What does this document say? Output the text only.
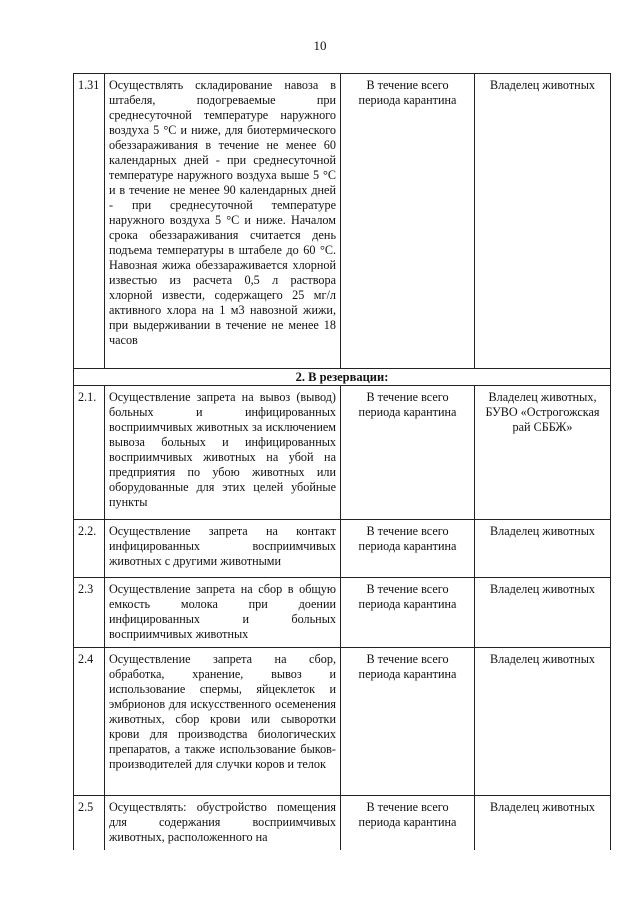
10
1.31	Осуществлять складирование навоза в штабеля, подогреваемые при среднесуточной температуре наружного воздуха 5 °С и ниже, для биотермического обеззараживания в течение не менее 60 календарных дней - при среднесуточной температуре наружного воздуха выше 5 °С и в течение не менее 90 календарных дней - при среднесуточной температуре наружного воздуха 5 °С и ниже. Началом срока обеззараживания считается день подъема температуры в штабеле до 60 °С. Навозная жижа обеззараживается хлорной известью из расчета 0,5 л раствора хлорной извести, содержащего 25 мг/л активного хлора на 1 м3 навозной жижи, при выдерживании в течение не менее 18 часов	В течение всего периода карантина	Владелец животных
2. В резервации:			
2.1.	Осуществление запрета на вывоз (вывод) больных и инфицированных восприимчивых животных за исключением вывоза больных и инфицированных восприимчивых животных на убой на предприятия по убою животных или оборудованные для этих целей убойные пункты	В течение всего периода карантина	Владелец животных, БУВО «Острогожская рай СББЖ»
2.2.	Осуществление запрета на контакт инфицированных восприимчивых животных с другими животными	В течение всего периода карантина	Владелец животных
2.3	Осуществление запрета на сбор в общую емкость молока при доении инфицированных и больных восприимчивых животных	В течение всего периода карантина	Владелец животных
2.4	Осуществление запрета на сбор, обработка, хранение, вывоз и использование спермы, яйцеклеток и эмбрионов для искусственного осеменения животных, сбор крови или сыворотки крови для производства биологических препаратов, а также использование быков-производителей для случки коров и телок	В течение всего периода карантина	Владелец животных
2.5	Осуществлять: обустройство помещения для содержания восприимчивых животных, расположенного на	В течение всего периода карантина	Владелец животных
